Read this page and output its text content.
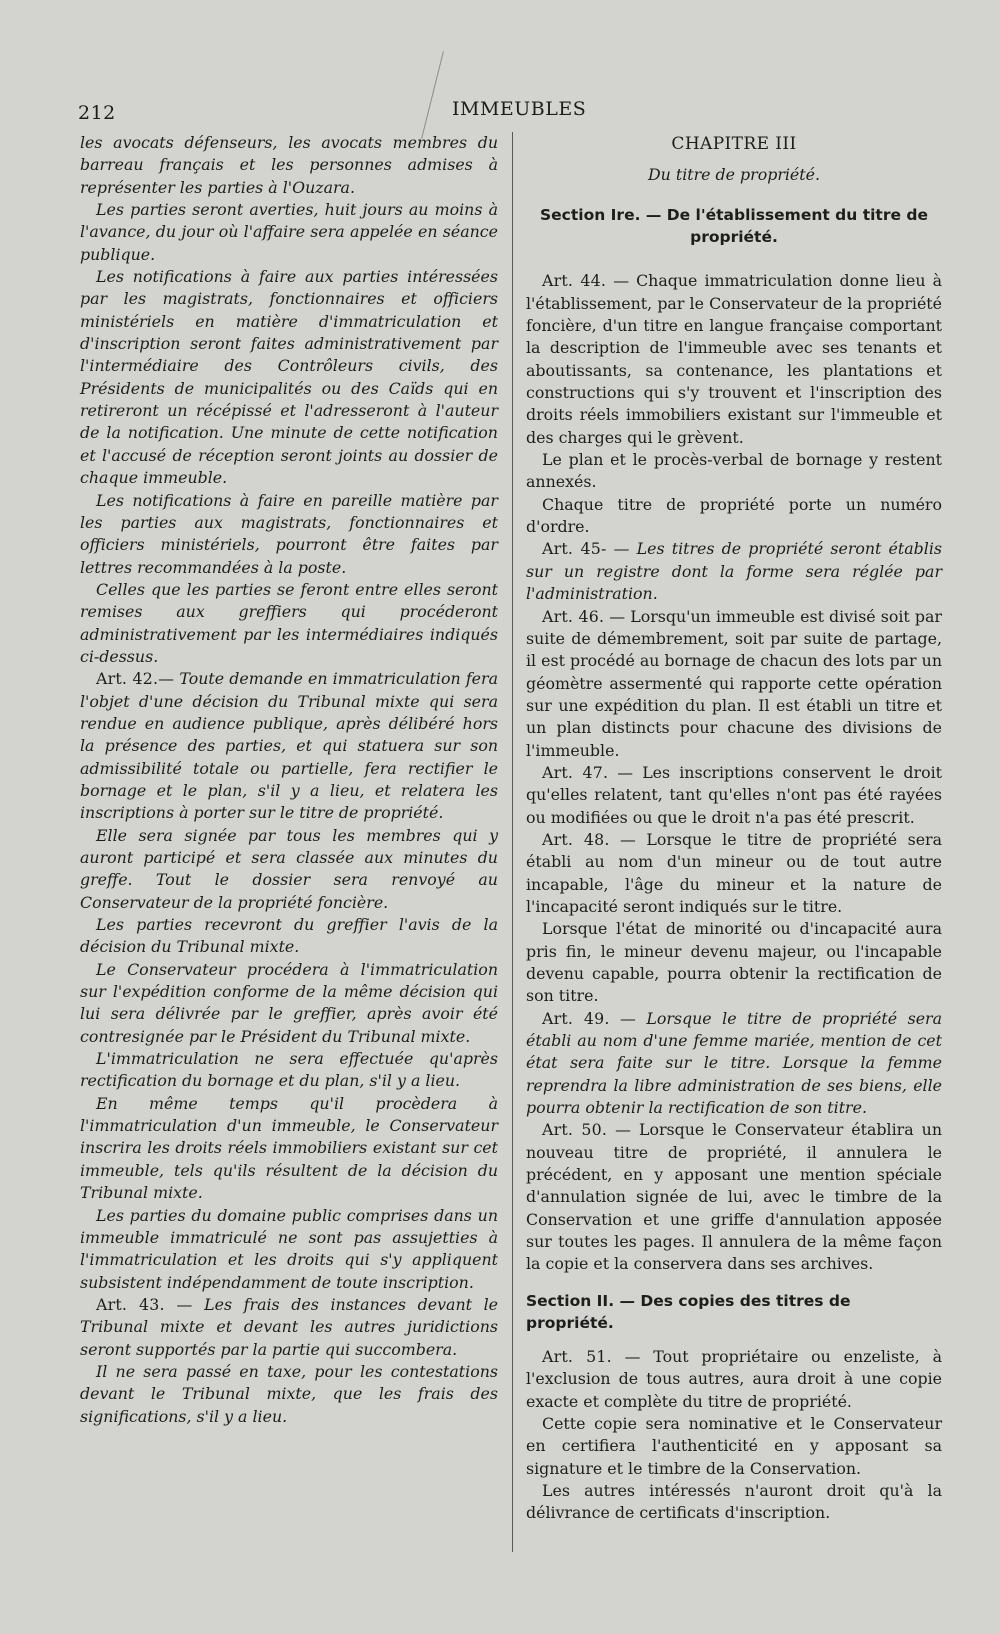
212	IMMEUBLES

les avocats défenseurs, les avocats membres du barreau français et les personnes admises à représenter les parties à l'Ouzara.

Les parties seront averties, huit jours au moins à l'avance, du jour où l'affaire sera appelée en séance publique.

Les notifications à faire aux parties intéressées par les magistrats, fonctionnaires et officiers ministériels en matière d'immatriculation et d'inscription seront faites administrativement par l'intermédiaire des Contrôleurs civils, des Présidents de municipalités ou des Caïds qui en retireront un récépissé et l'adresseront à l'auteur de la notification. Une minute de cette notification et l'accusé de réception seront joints au dossier de chaque immeuble.

Les notifications à faire en pareille matière par les parties aux magistrats, fonctionnaires et officiers ministériels, pourront être faites par lettres recommandées à la poste.

Celles que les parties se feront entre elles seront remises aux greffiers qui procéderont administrativement par les intermédiaires indiqués ci-dessus.

Art. 42.— Toute demande en immatriculation fera l'objet d'une décision du Tribunal mixte qui sera rendue en audience publique, après délibéré hors la présence des parties, et qui statuera sur son admissibilité totale ou partielle, fera rectifier le bornage et le plan, s'il y a lieu, et relatera les inscriptions à porter sur le titre de propriété.

Elle sera signée par tous les membres qui y auront participé et sera classée aux minutes du greffe. Tout le dossier sera renvoyé au Conservateur de la propriété foncière.

Les parties recevront du greffier l'avis de la décision du Tribunal mixte.

Le Conservateur procédera à l'immatriculation sur l'expédition conforme de la même décision qui lui sera délivrée par le greffier, après avoir été contresignée par le Président du Tribunal mixte.

L'immatriculation ne sera effectuée qu'après rectification du bornage et du plan, s'il y a lieu.

En même temps qu'il procèdera à l'immatriculation d'un immeuble, le Conservateur inscrira les droits réels immobiliers existant sur cet immeuble, tels qu'ils résultent de la décision du Tribunal mixte.

Les parties du domaine public comprises dans un immeuble immatriculé ne sont pas assujetties à l'immatriculation et les droits qui s'y appliquent subsistent indépendamment de toute inscription.

Art. 43. — Les frais des instances devant le Tribunal mixte et devant les autres juridictions seront supportés par la partie qui succombera.

Il ne sera passé en taxe, pour les contestations devant le Tribunal mixte, que les frais des significations, s'il y a lieu.

CHAPITRE III
Du titre de propriété.
Section Ire. — De l'établissement du titre de propriété.

Art. 44. — Chaque immatriculation donne lieu à l'établissement, par le Conservateur de la propriété foncière, d'un titre en langue française comportant la description de l'immeuble avec ses tenants et aboutissants, sa contenance, les plantations et constructions qui s'y trouvent et l'inscription des droits réels immobiliers existant sur l'immeuble et des charges qui le grèvent.

Le plan et le procès-verbal de bornage y restent annexés.

Chaque titre de propriété porte un numéro d'ordre.

Art. 45- — Les titres de propriété seront établis sur un registre dont la forme sera réglée par l'administration.

Art. 46. — Lorsqu'un immeuble est divisé soit par suite de démembrement, soit par suite de partage, il est procédé au bornage de chacun des lots par un géomètre assermenté qui rapporte cette opération sur une expédition du plan. Il est établi un titre et un plan distincts pour chacune des divisions de l'immeuble.

Art. 47. — Les inscriptions conservent le droit qu'elles relatent, tant qu'elles n'ont pas été rayées ou modifiées ou que le droit n'a pas été prescrit.

Art. 48. — Lorsque le titre de propriété sera établi au nom d'un mineur ou de tout autre incapable, l'âge du mineur et la nature de l'incapacité seront indiqués sur le titre.

Lorsque l'état de minorité ou d'incapacité aura pris fin, le mineur devenu majeur, ou l'incapable devenu capable, pourra obtenir la rectification de son titre.

Art. 49. — Lorsque le titre de propriété sera établi au nom d'une femme mariée, mention de cet état sera faite sur le titre. Lorsque la femme reprendra la libre administration de ses biens, elle pourra obtenir la rectification de son titre.

Art. 50. — Lorsque le Conservateur établira un nouveau titre de propriété, il annulera le précédent, en y apposant une mention spéciale d'annulation signée de lui, avec le timbre de la Conservation et une griffe d'annulation apposée sur toutes les pages. Il annulera de la même façon la copie et la conservera dans ses archives.

Section II. — Des copies des titres de propriété.

Art. 51. — Tout propriétaire ou enzeliste, à l'exclusion de tous autres, aura droit à une copie exacte et complète du titre de propriété.

Cette copie sera nominative et le Conservateur en certifiera l'authenticité en y apposant sa signature et le timbre de la Conservation.

Les autres intéressés n'auront droit qu'à la délivrance de certificats d'inscription.
